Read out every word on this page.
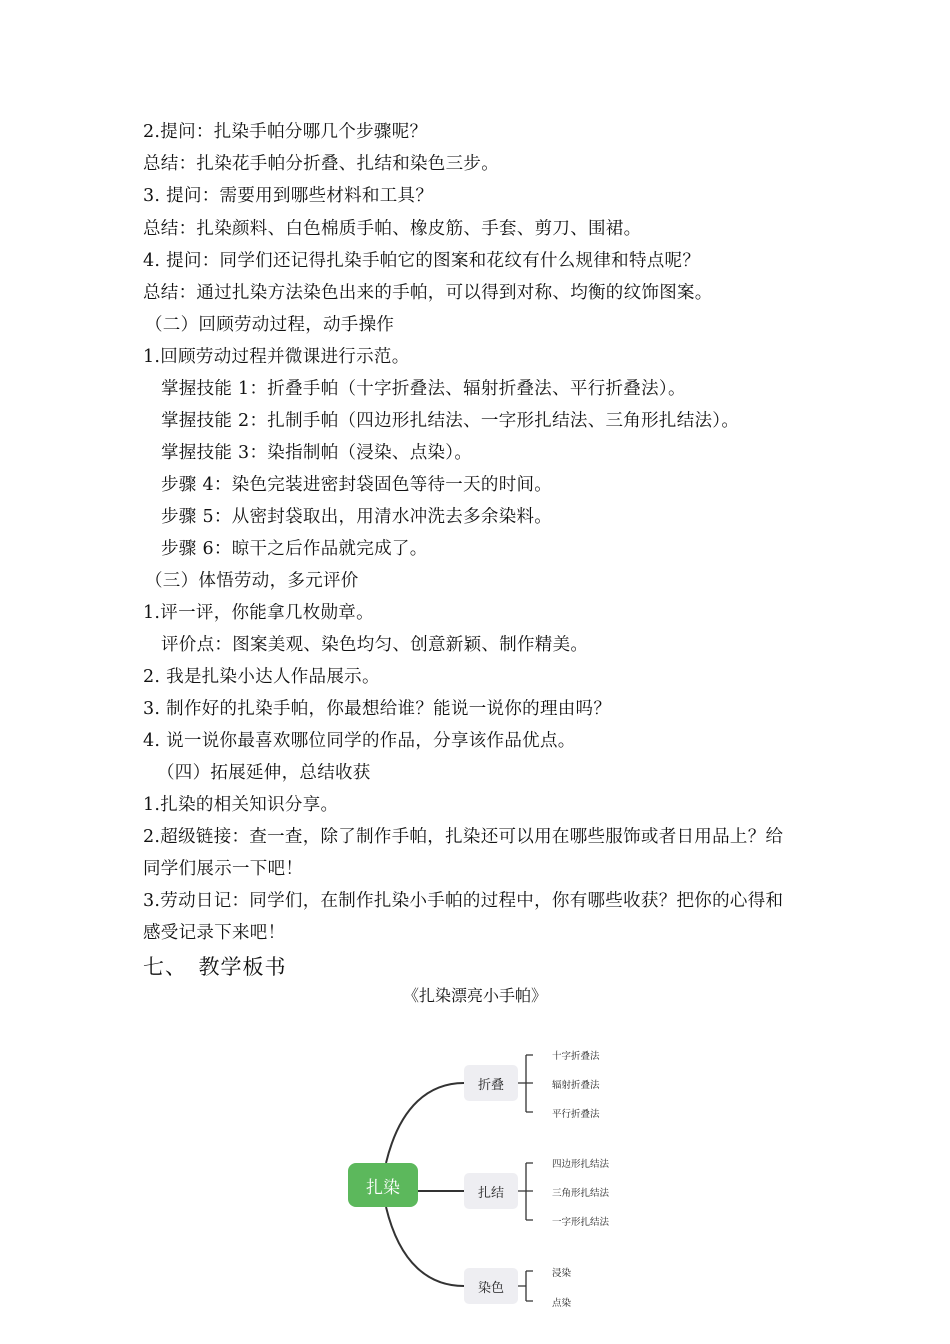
2.提问：扎染手帕分哪几个步骤呢？
总结：扎染花手帕分折叠、扎结和染色三步。
3. 提问：需要用到哪些材料和工具？
总结：扎染颜料、白色棉质手帕、橡皮筋、手套、剪刀、围裙。
4. 提问：同学们还记得扎染手帕它的图案和花纹有什么规律和特点呢？
总结：通过扎染方法染色出来的手帕，可以得到对称、均衡的纹饰图案。
（二）回顾劳动过程，动手操作
1.回顾劳动过程并微课进行示范。
掌握技能 1：折叠手帕（十字折叠法、辐射折叠法、平行折叠法）。
掌握技能 2：扎制手帕（四边形扎结法、一字形扎结法、三角形扎结法）。
掌握技能 3：染指制帕（浸染、点染）。
步骤 4：染色完装进密封袋固色等待一天的时间。
步骤 5：从密封袋取出，用清水冲洗去多余染料。
步骤 6：晾干之后作品就完成了。
（三）体悟劳动，多元评价
1.评一评，你能拿几枚勋章。
评价点：图案美观、染色均匀、创意新颖、制作精美。
2. 我是扎染小达人作品展示。
3. 制作好的扎染手帕，你最想给谁？能说一说你的理由吗？
4. 说一说你最喜欢哪位同学的作品，分享该作品优点。
（四）拓展延伸，总结收获
1.扎染的相关知识分享。
2.超级链接：查一查，除了制作手帕，扎染还可以用在哪些服饰或者日用品上？给
同学们展示一下吧！
3.劳动日记：同学们，在制作扎染小手帕的过程中，你有哪些收获？把你的心得和
感受记录下来吧！
七、　教学板书
《扎染漂亮小手帕》
扎染
折叠
扎结
染色
十字折叠法
辐射折叠法
平行折叠法
四边形扎结法
三角形扎结法
一字形扎结法
浸染
点染
